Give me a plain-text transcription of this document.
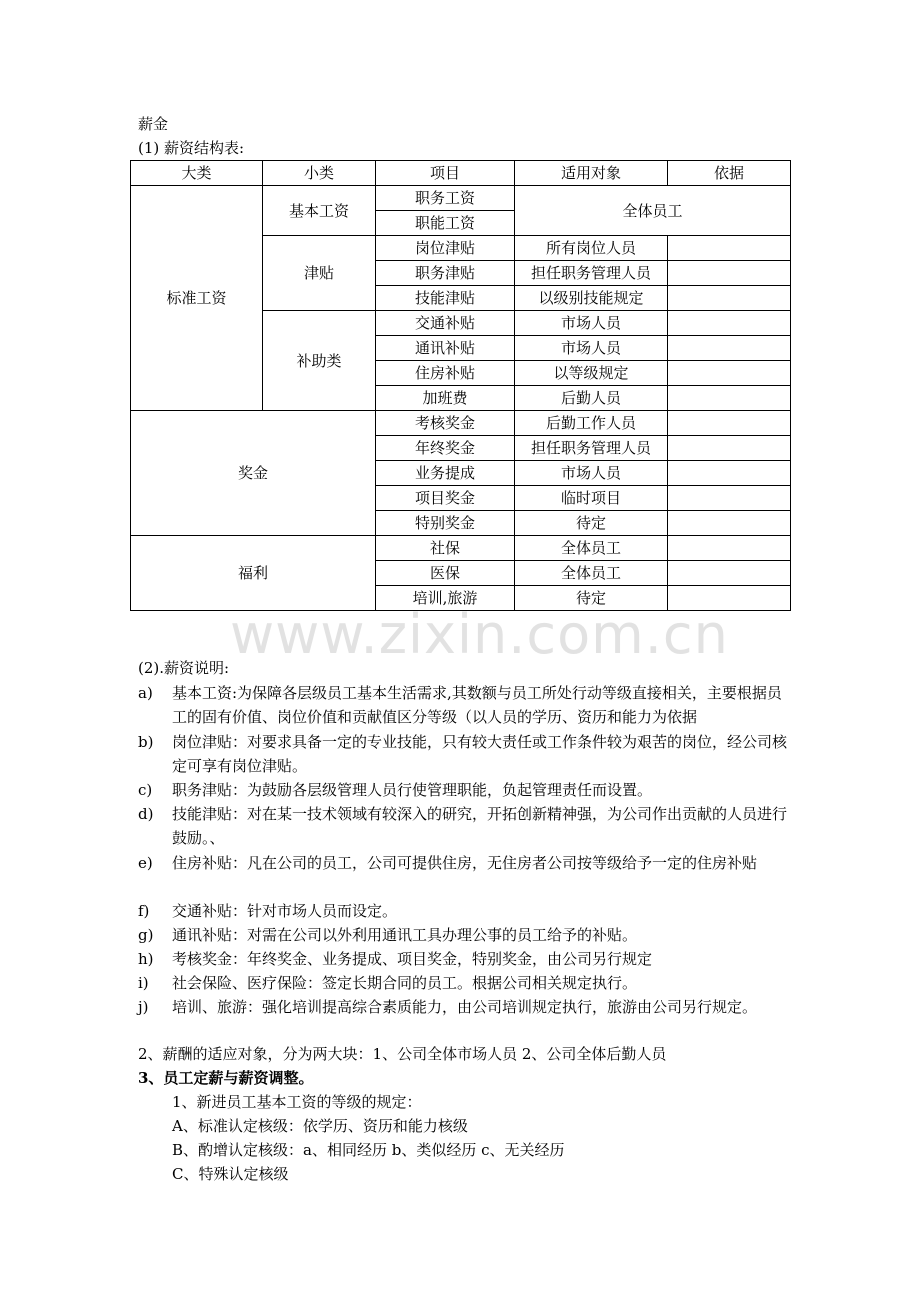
薪金
(1) 薪资结构表:
大类	小类	项目	适用对象	依据
标准工资	基本工资	职务工资	全体员工	
		职能工资		
	津贴	岗位津贴	所有岗位人员	
		职务津贴	担任职务管理人员	
		技能津贴	以级别技能规定	
	补助类	交通补贴	市场人员	
		通讯补贴	市场人员	
		住房补贴	以等级规定	
		加班费	后勤人员	
奖金		考核奖金	后勤工作人员	
		年终奖金	担任职务管理人员	
		业务提成	市场人员	
		项目奖金	临时项目	
		特别奖金	待定	
福利		社保	全体员工	
		医保	全体员工	
		培训,旅游	待定	
www.zixin.com.cn
(2).薪资说明:
a)	基本工资:为保障各层级员工基本生活需求,其数额与员工所处行动等级直接相关，主要根据员工的固有价值、岗位价值和贡献值区分等级（以人员的学历、资历和能力为依据
b)	岗位津贴：对要求具备一定的专业技能，只有较大责任或工作条件较为艰苦的岗位，经公司核定可享有岗位津贴。
c)	职务津贴：为鼓励各层级管理人员行使管理职能，负起管理责任而设置。
d)	技能津贴：对在某一技术领域有较深入的研究，开拓创新精神强，为公司作出贡献的人员进行鼓励。、
e)	住房补贴：凡在公司的员工，公司可提供住房，无住房者公司按等级给予一定的住房补贴
f)	交通补贴：针对市场人员而设定。
g)	通讯补贴：对需在公司以外利用通讯工具办理公事的员工给予的补贴。
h)	考核奖金：年终奖金、业务提成、项目奖金，特别奖金，由公司另行规定
i)	社会保险、医疗保险：签定长期合同的员工。根据公司相关规定执行。
j)	培训、旅游：强化培训提高综合素质能力，由公司培训规定执行，旅游由公司另行规定。
2、薪酬的适应对象，分为两大块：1、公司全体市场人员 2、公司全体后勤人员
3、员工定薪与薪资调整。
1、新进员工基本工资的等级的规定：
A、标准认定核级：依学历、资历和能力核级
B、酌增认定核级：a、相同经历 b、类似经历 c、无关经历
C、特殊认定核级
